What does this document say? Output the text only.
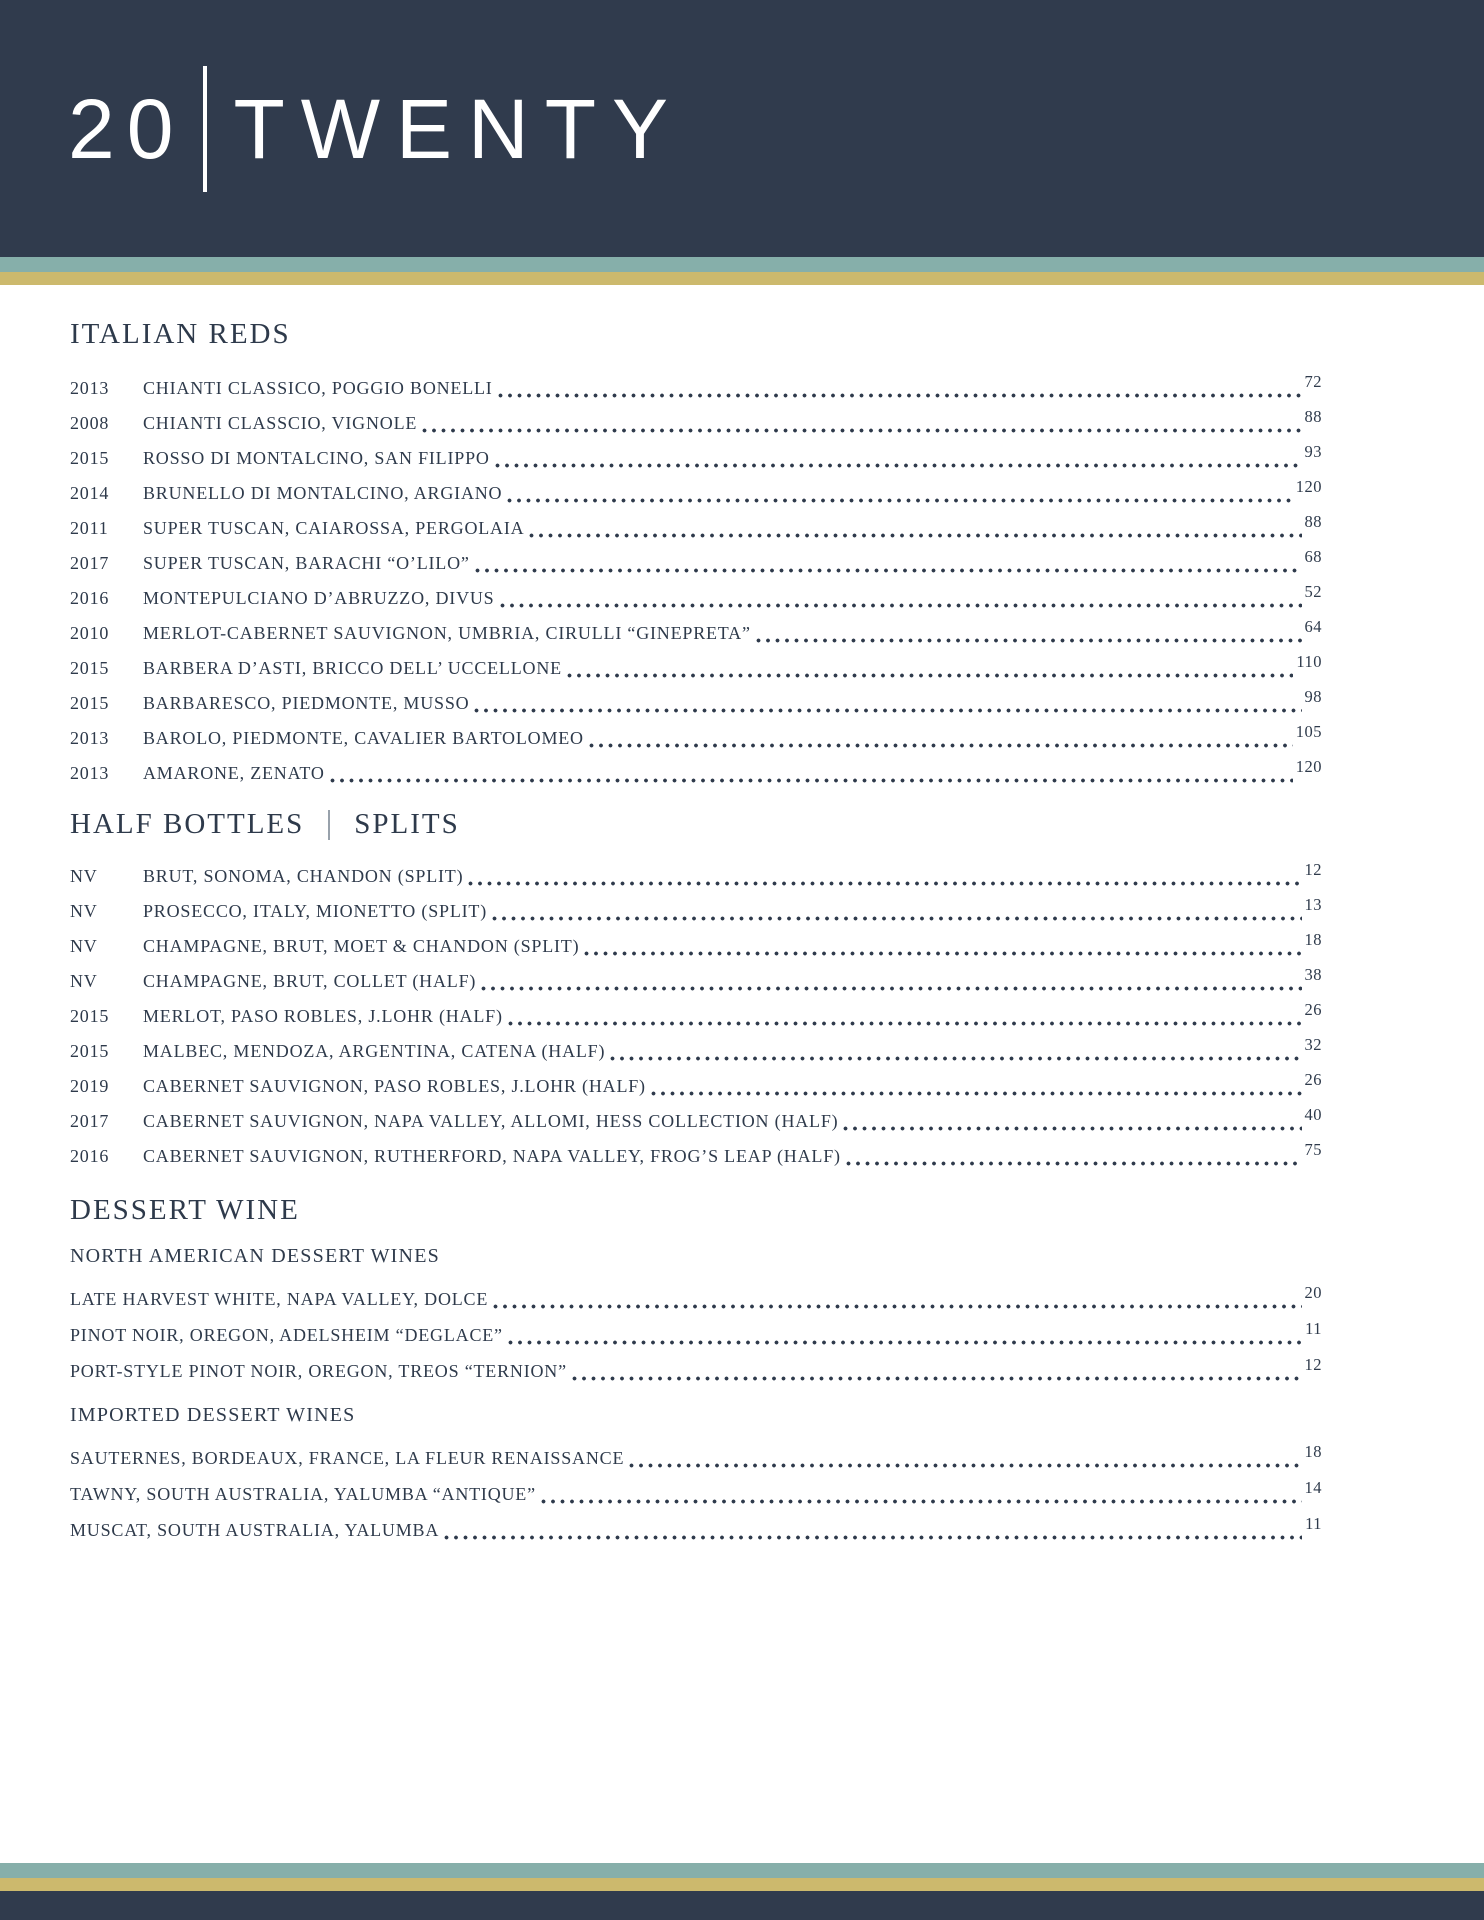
20 TWENTY
ITALIAN REDS
2013	CHIANTI CLASSICO, POGGIO BONELLI	72
2008	CHIANTI CLASSCIO, VIGNOLE	88
2015	ROSSO DI MONTALCINO, SAN FILIPPO	93
2014	BRUNELLO DI MONTALCINO, ARGIANO	120
2011	SUPER TUSCAN, CAIAROSSA, PERGOLAIA	88
2017	SUPER TUSCAN, BARACHI “O’LILO”	68
2016	MONTEPULCIANO D’ABRUZZO, DIVUS	52
2010	MERLOT-CABERNET SAUVIGNON, UMBRIA, CIRULLI “GINEPRETA”	64
2015	BARBERA D’ASTI, BRICCO DELL’ UCCELLONE	110
2015	BARBARESCO, PIEDMONTE, MUSSO	98
2013	BAROLO, PIEDMONTE, CAVALIER BARTOLOMEO	105
2013	AMARONE, ZENATO	120
HALF BOTTLES SPLITS
NV	BRUT, SONOMA, CHANDON (SPLIT)	12
NV	PROSECCO, ITALY, MIONETTO (SPLIT)	13
NV	CHAMPAGNE, BRUT, MOET & CHANDON (SPLIT)	18
NV	CHAMPAGNE, BRUT, COLLET (HALF)	38
2015	MERLOT, PASO ROBLES, J.LOHR (HALF)	26
2015	MALBEC, MENDOZA, ARGENTINA, CATENA (HALF)	32
2019	CABERNET SAUVIGNON, PASO ROBLES, J.LOHR (HALF)	26
2017	CABERNET SAUVIGNON, NAPA VALLEY, ALLOMI, HESS COLLECTION (HALF)	40
2016	CABERNET SAUVIGNON, RUTHERFORD, NAPA VALLEY, FROG’S LEAP (HALF)	75
DESSERT WINE
NORTH AMERICAN DESSERT WINES
LATE HARVEST WHITE, NAPA VALLEY, DOLCE	20
PINOT NOIR, OREGON, ADELSHEIM “DEGLACE”	11
PORT-STYLE PINOT NOIR, OREGON, TREOS “TERNION”	12
IMPORTED DESSERT WINES
SAUTERNES, BORDEAUX, FRANCE, LA FLEUR RENAISSANCE	18
TAWNY, SOUTH AUSTRALIA, YALUMBA “ANTIQUE”	14
MUSCAT, SOUTH AUSTRALIA, YALUMBA	11
